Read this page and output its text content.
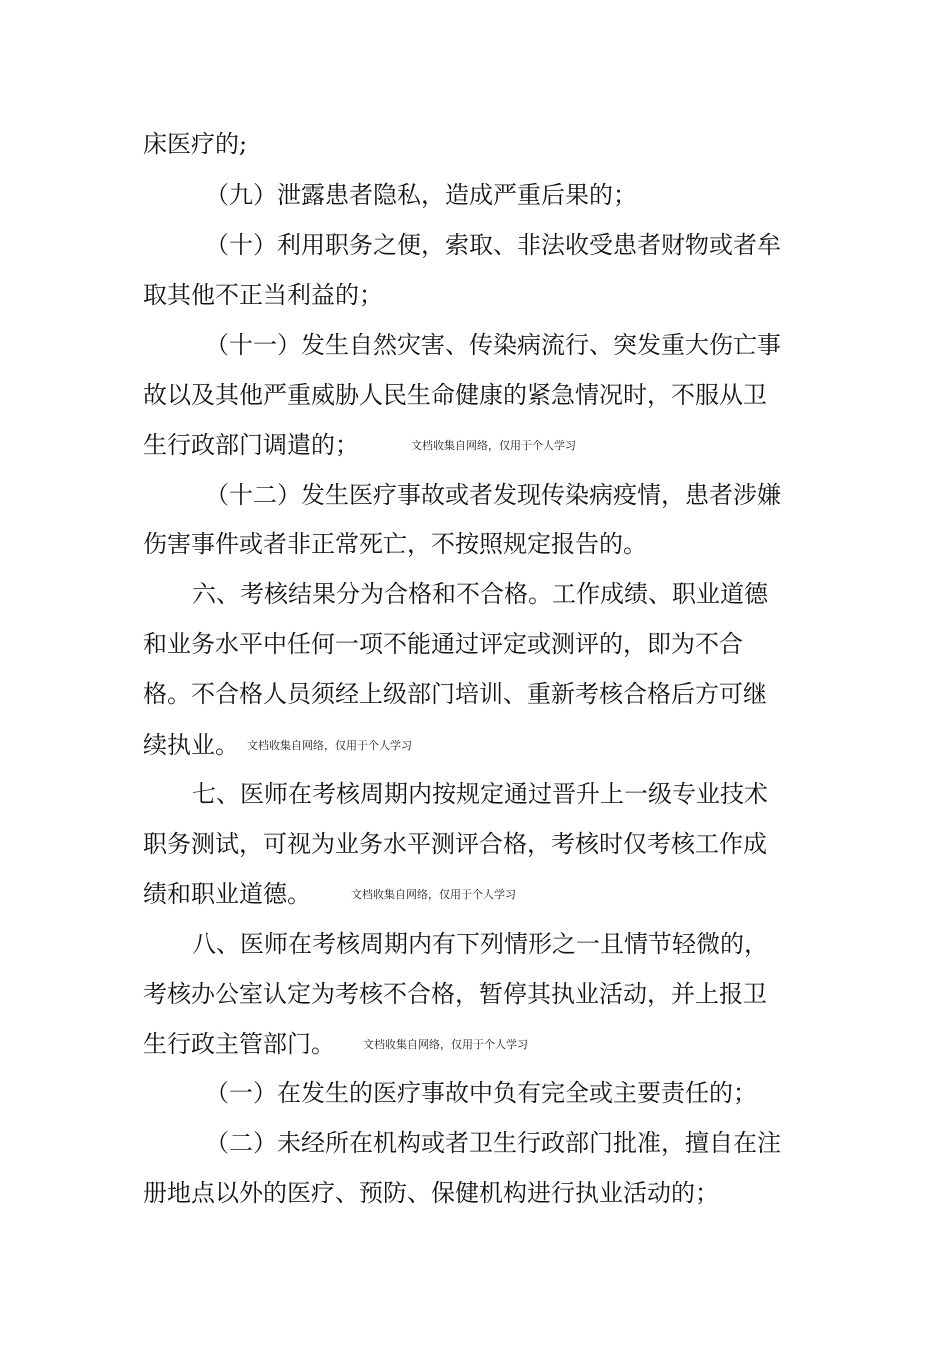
床医疗的;
（九）泄露患者隐私，造成严重后果的；
（十）利用职务之便，索取、非法收受患者财物或者牟
取其他不正当利益的；
（十一）发生自然灾害、传染病流行、突发重大伤亡事
故以及其他严重威胁人民生命健康的紧急情况时，不服从卫
生行政部门调遣的；	文档收集自网络，仅用于个人学习
（十二）发生医疗事故或者发现传染病疫情，患者涉嫌
伤害事件或者非正常死亡，不按照规定报告的。
六、考核结果分为合格和不合格。工作成绩、职业道德
和业务水平中任何一项不能通过评定或测评的，即为不合
格。不合格人员须经上级部门培训、重新考核合格后方可继
续执业。 文档收集自网络，仅用于个人学习
七、医师在考核周期内按规定通过晋升上一级专业技术
职务测试，可视为业务水平测评合格，考核时仅考核工作成
绩和职业道德。	文档收集自网络，仅用于个人学习
八、医师在考核周期内有下列情形之一且情节轻微的，
考核办公室认定为考核不合格，暂停其执业活动，并上报卫
生行政主管部门。	文档收集自网络，仅用于个人学习
（一）在发生的医疗事故中负有完全或主要责任的；
（二）未经所在机构或者卫生行政部门批准，擅自在注
册地点以外的医疗、预防、保健机构进行执业活动的；
